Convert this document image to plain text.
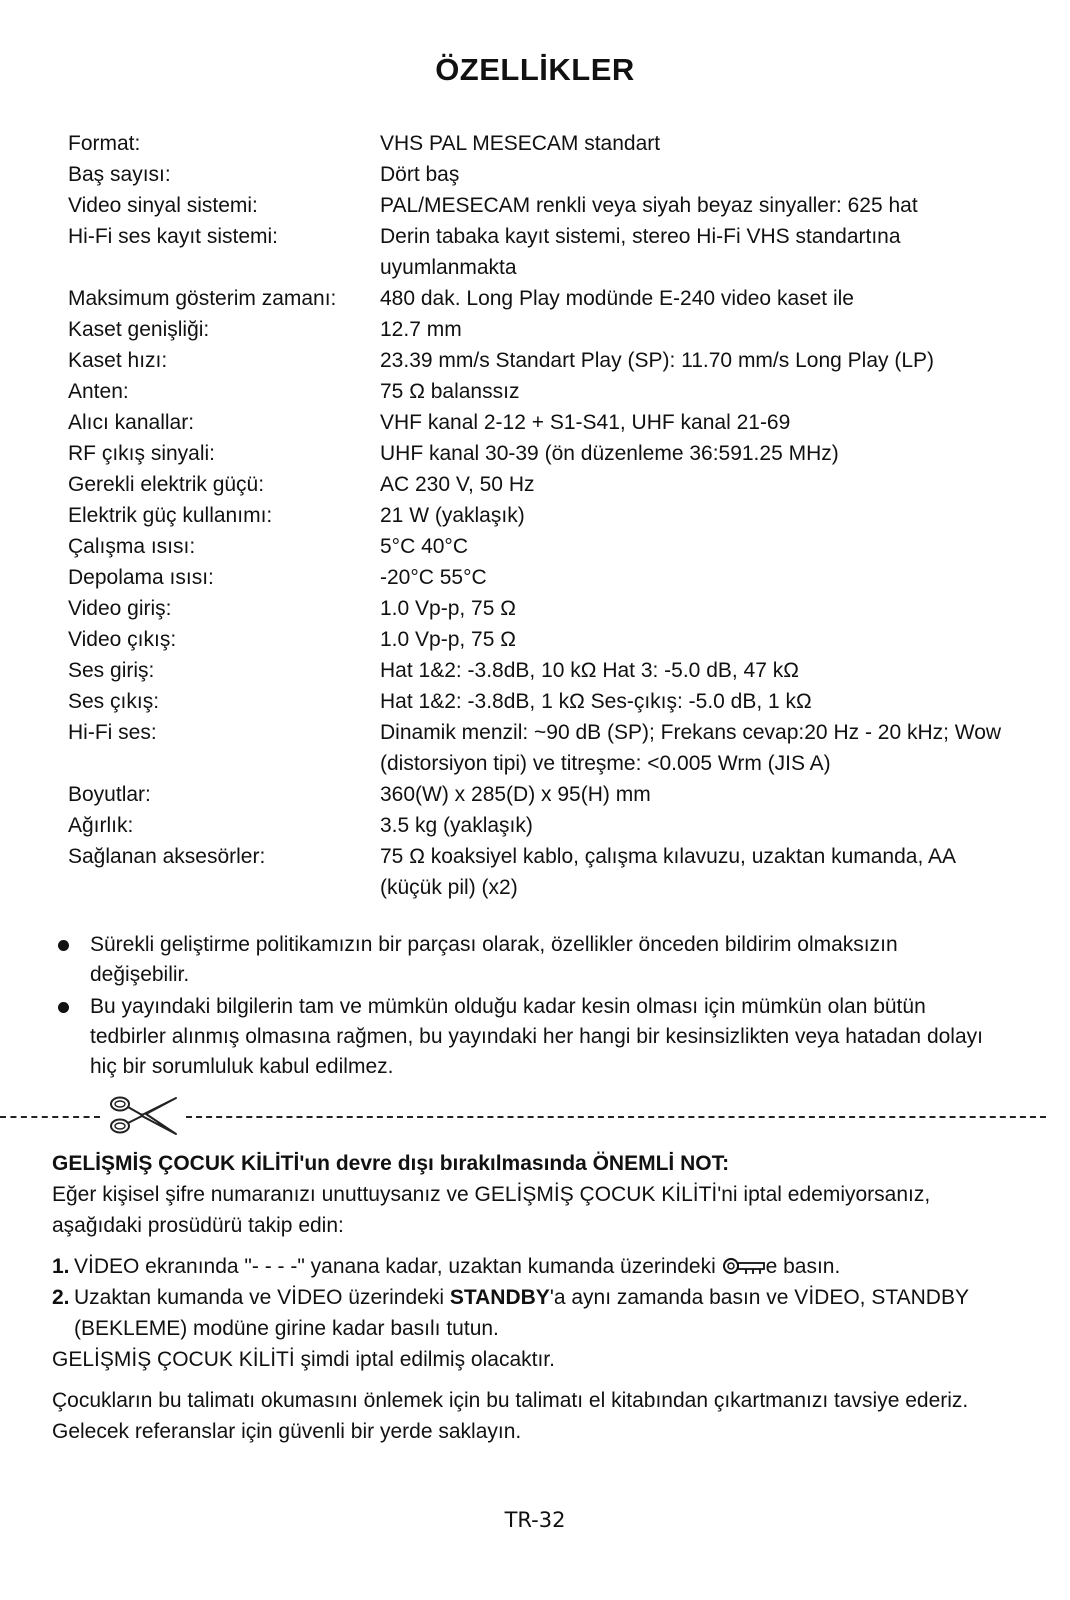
ÖZELLİKLER
Format:	VHS PAL MESECAM standart
Baş sayısı:	Dört baş
Video sinyal sistemi:	PAL/MESECAM renkli veya siyah beyaz sinyaller: 625 hat
Hi-Fi ses kayıt sistemi:	Derin tabaka kayıt sistemi, stereo Hi-Fi VHS standartına uyumlanmakta
Maksimum gösterim zamanı:	480 dak. Long Play modünde E-240 video kaset ile
Kaset genişliği:	12.7 mm
Kaset hızı:	23.39 mm/s Standart Play (SP): 11.70 mm/s Long Play (LP)
Anten:	75 Ω balanssız
Alıcı kanallar:	VHF kanal 2-12 + S1-S41, UHF kanal 21-69
RF çıkış sinyali:	UHF kanal 30-39 (ön düzenleme 36:591.25 MHz)
Gerekli elektrik güçü:	AC 230 V, 50 Hz
Elektrik güç kullanımı:	21 W (yaklaşık)
Çalışma ısısı:	5°C 40°C
Depolama ısısı:	-20°C 55°C
Video giriş:	1.0 Vp-p, 75 Ω
Video çıkış:	1.0 Vp-p, 75 Ω
Ses giriş:	Hat 1&2: -3.8dB, 10 kΩ Hat 3: -5.0 dB, 47 kΩ
Ses çıkış:	Hat 1&2: -3.8dB, 1 kΩ Ses-çıkış: -5.0 dB, 1 kΩ
Hi-Fi ses:	Dinamik menzil: ~90 dB (SP); Frekans cevap:20 Hz - 20 kHz; Wow (distorsiyon tipi) ve titreşme: <0.005 Wrm (JIS A)
Boyutlar:	360(W) x 285(D) x 95(H) mm
Ağırlık:	3.5 kg (yaklaşık)
Sağlanan aksesörler:	75 Ω koaksiyel kablo, çalışma kılavuzu, uzaktan kumanda, AA (küçük pil) (x2)
Sürekli geliştirme politikamızın bir parçası olarak, özellikler önceden bildirim olmaksızın değişebilir.
Bu yayındaki bilgilerin tam ve mümkün olduğu kadar kesin olması için mümkün olan bütün tedbirler alınmış olmasına rağmen, bu yayındaki her hangi bir kesinsizlikten veya hatadan dolayı hiç bir sorumluluk kabul edilmez.
GELİŞMİŞ ÇOCUK KİLİTİ'un devre dışı bırakılmasında ÖNEMLİ NOT:
Eğer kişisel şifre numaranızı unuttuysanız ve GELİŞMİŞ ÇOCUK KİLİTİ'ni iptal edemiyorsanız, aşağıdaki prosüdürü takip edin:
1. VİDEO ekranında "- - - -" yanana kadar, uzaktan kumanda üzerindeki e basın.
2. Uzaktan kumanda ve VİDEO üzerindeki STANDBY'a aynı zamanda basın ve VİDEO, STANDBY (BEKLEME) modüne girine kadar basılı tutun.
GELİŞMİŞ ÇOCUK KİLİTİ şimdi iptal edilmiş olacaktır.
Çocukların bu talimatı okumasını önlemek için bu talimatı el kitabından çıkartmanızı tavsiye ederiz. Gelecek referanslar için güvenli bir yerde saklayın.
TR-32
